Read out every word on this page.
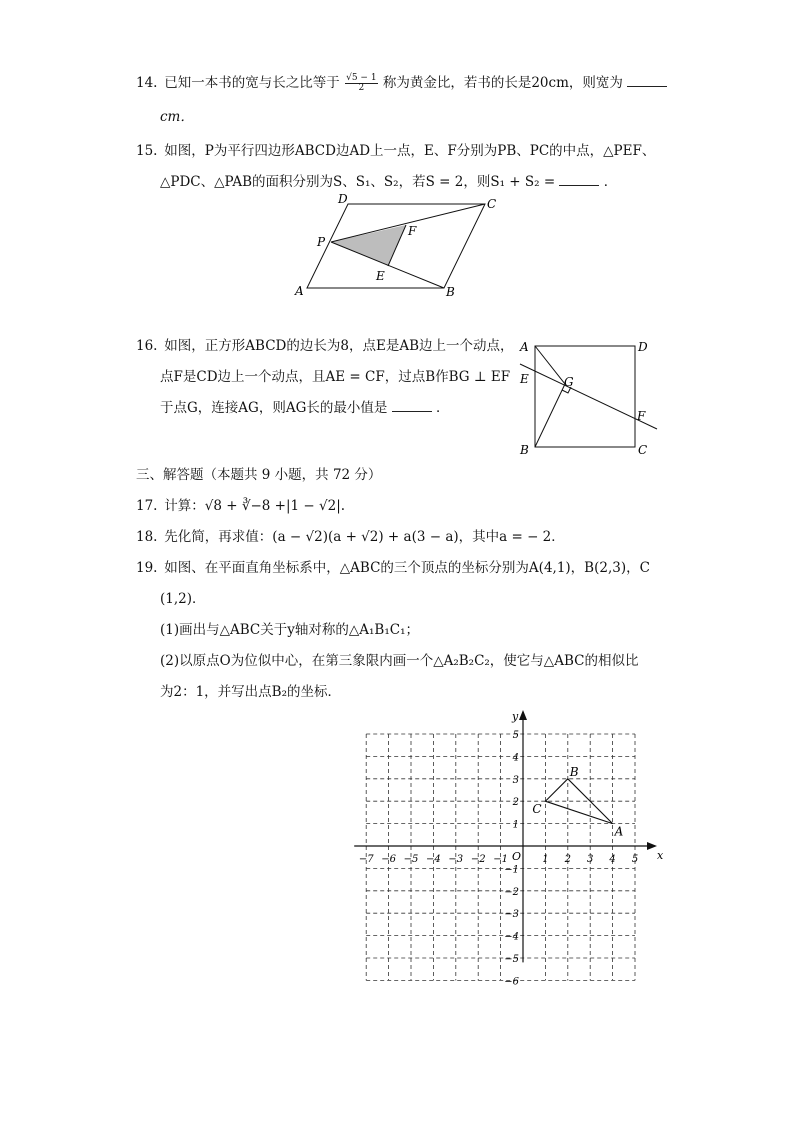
14. 已知一本书的宽与长之比等于 $\frac{√5 - 1}{2}$ 称为黄金比，若书的长是20cm，则宽为
cm．
15. 如图，P为平行四边形ABCD边AD上一点，E、F分别为PB、PC的中点，△PEF、
△PDC、△PAB的面积分别为S、S₁、S₂，若S = 2，则S₁ + S₂ =	．
D	C
P
F
E
A	B
16. 如图，正方形ABCD的边长为8，点E是AB边上一个动点，
点F是CD边上一个动点，且AE = CF，过点B作BG ⊥ EF
于点G，连接AG，则AG长的最小值是	．
A	D
E	G
F
B	C
三、解答题（本题共 9 小题，共 72 分）
17. 计算：√8 + ∛−8 +|1 − √2|.
18. 先化简，再求值：(a − √2)(a + √2) + a(3 − a)，其中a = − 2．
19. 如图、在平面直角坐标系中，△ABC的三个顶点的坐标分别为A(4,1)，B(2,3)，C
(1,2)．
(1)画出与△ABC关于y轴对称的△A₁B₁C₁；
(2)以原点O为位似中心，在第三象限内画一个△A₂B₂C₂，使它与△ABC的相似比
为2：1，并写出点B₂的坐标．
x
y
O
−7 −6 −5 −4 −3 −2 −1	1 2 3 4 5
5
4
3
2
1
−1
−2
−3
−4
−5
−6
A
B
C
